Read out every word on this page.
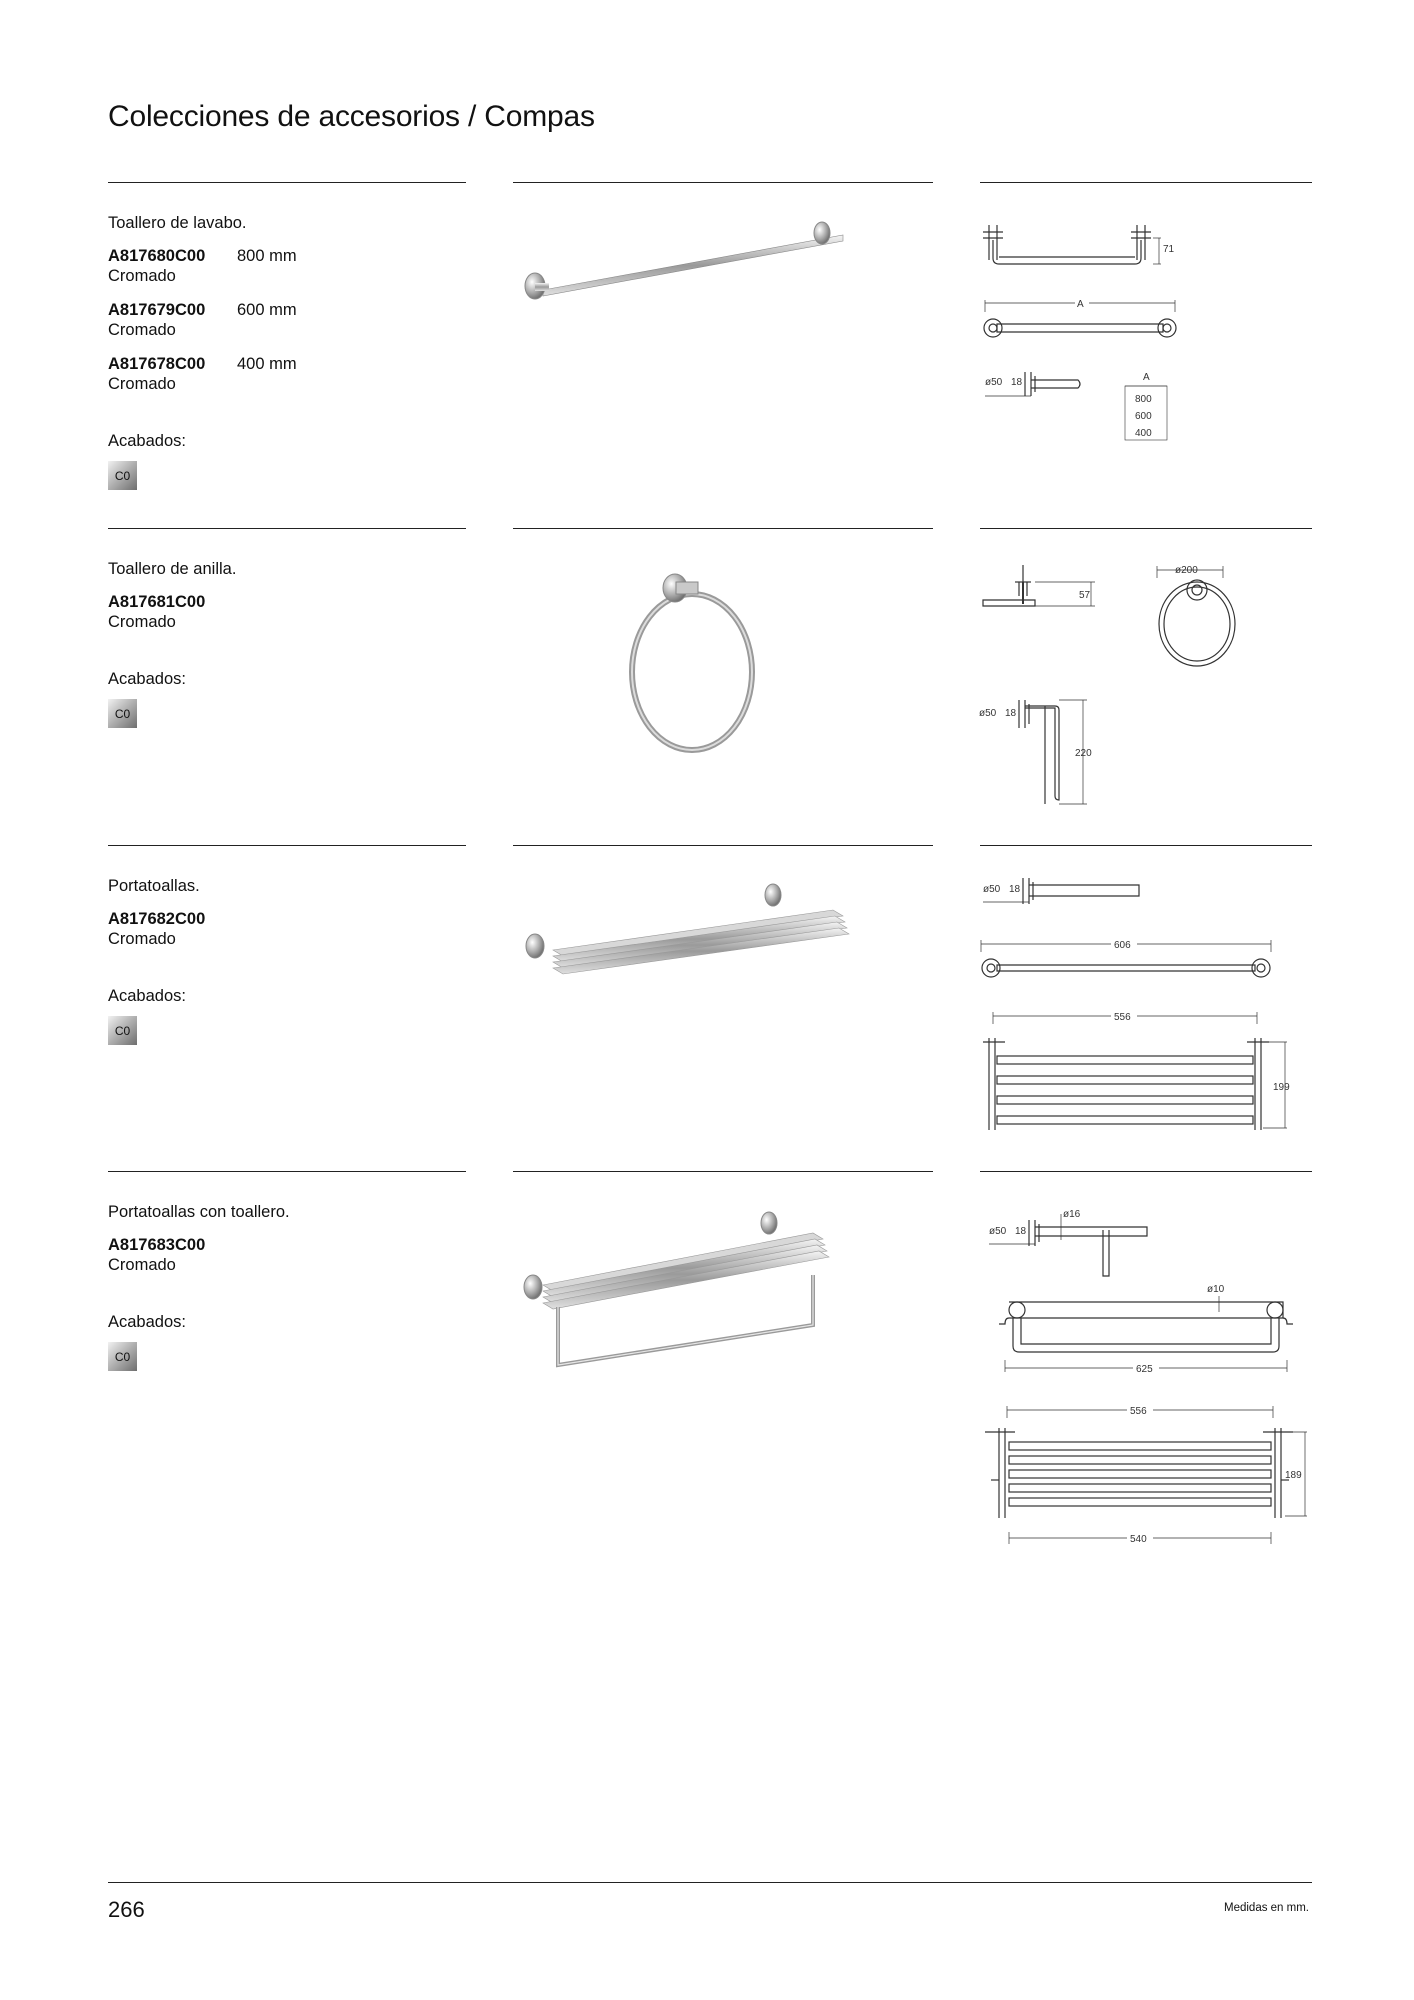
Colecciones de accesorios / Compas
Toallero de lavabo.
A817680C00 800 mm
Cromado
A817679C00 600 mm
Cromado
A817678C00 400 mm
Cromado
Acabados:
C0
71
A
ø50 18	A
800
600
400
Toallero de anilla.
A817681C00
Cromado
Acabados:
C0
57
ø200
ø50 18
220
Portatoallas.
A817682C00
Cromado
Acabados:
C0
ø50 18
606
556
199
Portatoallas con toallero.
A817683C00
Cromado
Acabados:
C0
ø50 18
ø16
ø10
625
556
189
540
266	Medidas en mm.
